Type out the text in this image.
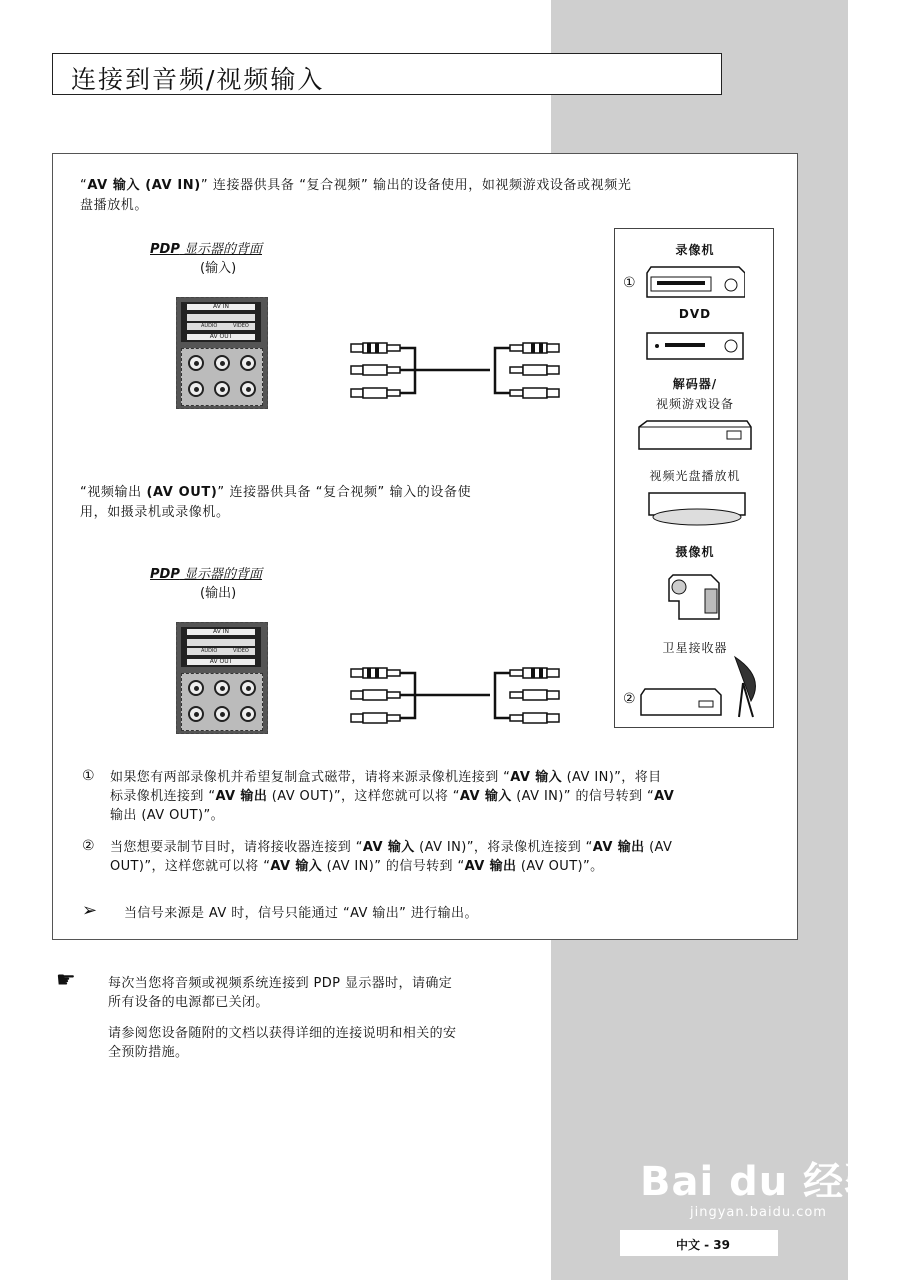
连接到音频/视频输入
“AV 输入 (AV IN)” 连接器供具备 “复合视频” 输出的设备使用，如视频游戏设备或视频光
盘播放机。
PDP 显示器的背面
(输入)
AV IN
AUDIO	VIDEO
AV OUT
“视频输出 (AV OUT)” 连接器供具备 “复合视频” 输入的设备使
用，如摄录机或录像机。
PDP 显示器的背面
(输出)
AV IN
AUDIO	VIDEO
AV OUT
录像机
①
DVD
解码器/
视频游戏设备
视频光盘播放机
摄像机
卫星接收器
②
① 如果您有两部录像机并希望复制盒式磁带，请将来源录像机连接到 “AV 输入 (AV IN)”，将目
标录像机连接到 “AV 输出 (AV OUT)”，这样您就可以将 “AV 输入 (AV IN)” 的信号转到 “AV
输出 (AV OUT)”。
② 当您想要录制节目时，请将接收器连接到 “AV 输入 (AV IN)”，将录像机连接到 “AV 输出 (AV
OUT)”，这样您就可以将 “AV 输入 (AV IN)” 的信号转到 “AV 输出 (AV OUT)”。
➢ 当信号来源是 AV 时，信号只能通过 “AV 输出” 进行输出。
☛ 每次当您将音频或视频系统连接到 PDP 显示器时，请确定
所有设备的电源都已关闭。
请参阅您设备随附的文档以获得详细的连接说明和相关的安
全预防措施。
Bai du 经验
jingyan.baidu.com
中文 - 39
